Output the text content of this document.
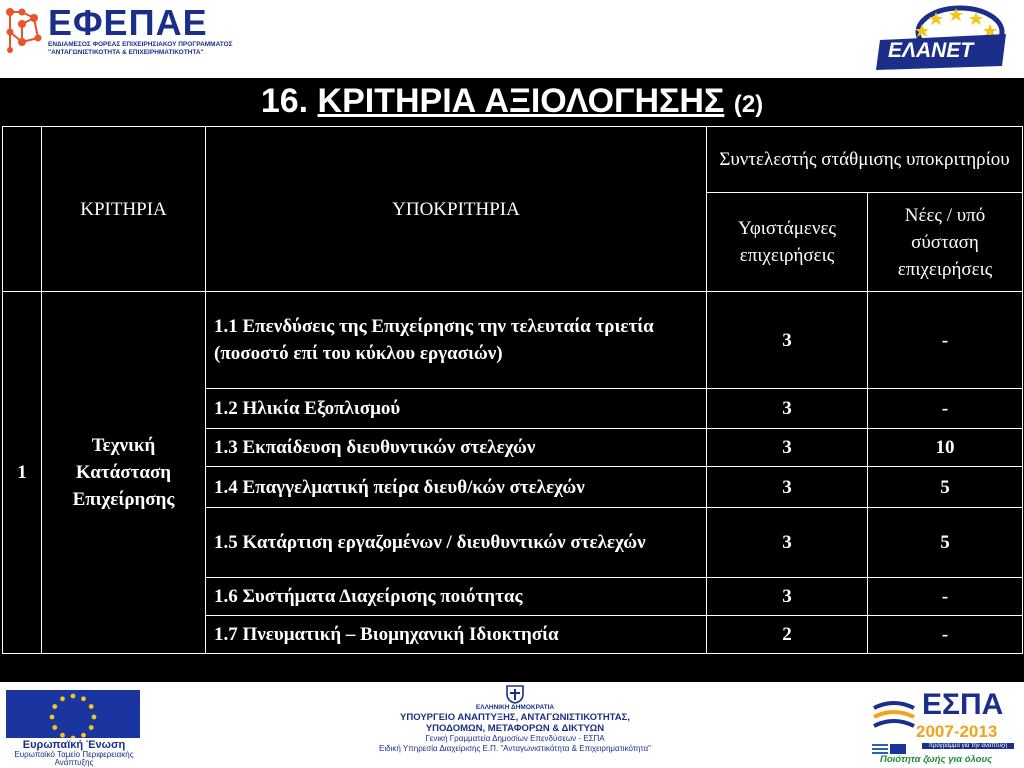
ΕΦΕΠΑΕ
ΕΝΔΙΑΜΕΣΟΣ ΦΟΡΕΑΣ ΕΠΙΧΕΙΡΗΣΙΑΚΟΥ ΠΡΟΓΡΑΜΜΑΤΟΣ
"ΑΝΤΑΓΩΝΙΣΤΙΚΟΤΗΤΑ & ΕΠΙΧΕΙΡΗΜΑΤΙΚΟΤΗΤΑ"	ΕΛΑΝΕΤ
16. ΚΡΙΤΗΡΙΑ ΑΞΙΟΛΟΓΗΣΗΣ (2)
	ΚΡΙΤΗΡΙΑ	ΥΠΟΚΡΙΤΗΡΙΑ	Συντελεστής στάθμισης υποκριτηρίου	
			Υφιστάμενες επιχειρήσεις	Νέες / υπό σύσταση επιχειρήσεις
1	Τεχνική Κατάσταση Επιχείρησης	1.1 Επενδύσεις της Επιχείρησης την τελευταία τριετία (ποσοστό επί του κύκλου εργασιών)	3	-
		1.2 Ηλικία Εξοπλισμού	3	-
		1.3 Εκπαίδευση διευθυντικών στελεχών	3	10
		1.4 Επαγγελματική πείρα διευθ/κών στελεχών	3	5
		1.5 Κατάρτιση εργαζομένων / διευθυντικών στελεχών	3	5
		1.6 Συστήματα Διαχείρισης ποιότητας	3	-
		1.7 Πνευματική – Βιομηχανική Ιδιοκτησία	2	-
Ευρωπαϊκή Ένωση
Ευρωπαϊκό Ταμείο Περιφερειακής Ανάπτυξης
ΕΛΛΗΝΙΚΗ ΔΗΜΟΚΡΑΤΙΑ
ΥΠΟΥΡΓΕΙΟ ΑΝΑΠΤΥΞΗΣ, ΑΝΤΑΓΩΝΙΣΤΙΚΟΤΗΤΑΣ,
ΥΠΟΔΟΜΩΝ, ΜΕΤΑΦΟΡΩΝ & ΔΙΚΤΥΩΝ
Γενική Γραμματεία Δημοσίων Επενδύσεων - ΕΣΠΑ
Ειδική Υπηρεσία Διαχείρισης Ε.Π. "Ανταγωνιστικότητα & Επιχειρηματικότητα"
ΕΣΠΑ
2007-2013
πρόγραμμα για την ανάπτυξη
Ποιότητα ζωής για όλους
